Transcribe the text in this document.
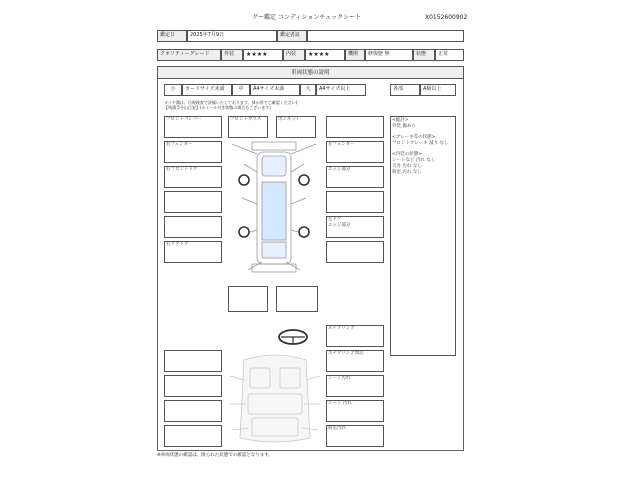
グー鑑定 コンディションチェックシート	X0152600902
鑑定日	2025年7月9日	鑑定者証
クオリティーグレード	外装	★★★★	内装	★★★★	機関	修復歴 無	状態	正常
車両状態の説明
小	カードサイズ未満	中	A4サイズ未満	大	A4サイズ以上	各部	A級以上
タイヤ溝は、目視検査で評価いたしております。(4か所でご確認ください)
【残溝 5分山目安】(ホイール付き状態の場合もございます)
フロントバンパー
右フェンダー
右フロントドア
右リアドア
フロントガラス	ボンネット
左フェンダー
エッジ部分
左ドア
エッジ部分
<総評>
外装 傷あり
<ブレーキ等の状態>
フロントブレーキ 減り なし
<内装の状態>
シートなど 汚れ なし
天井 汚れ なし
荷室 汚れ なし
ステアリング
ステアリング周辺
シート汚れ
シート 汚れ
荷室汚れ
※車両状態の確認は、限られた状態での確認となります。
